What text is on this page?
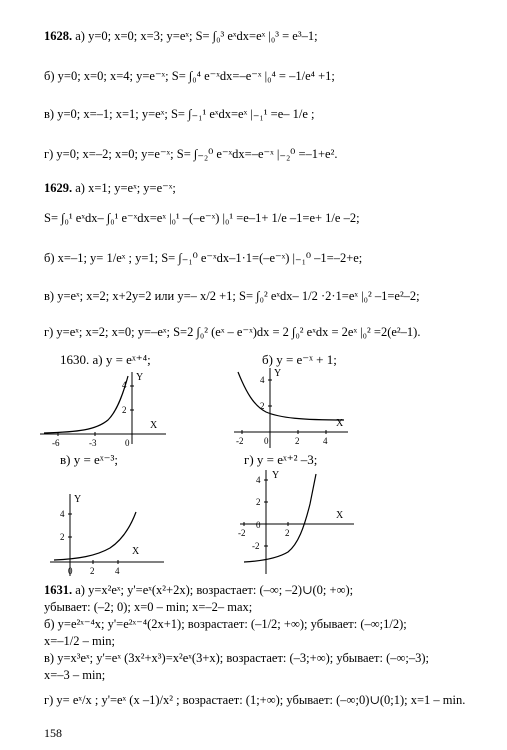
1628. а) y=0; x=0; x=3; y=eˣ; S= ∫₀³ eˣdx=eˣ |₀³ = e³–1;
б) y=0; x=0; x=4; y=e⁻ˣ; S= ∫₀⁴ e⁻ˣdx=–e⁻ˣ |₀⁴ = –1/e⁴ +1;
в) y=0; x=–1; x=1; y=eˣ; S= ∫₋₁¹ eˣdx=eˣ |₋₁¹ =e– 1/e ;
г) y=0; x=–2; x=0; y=e⁻ˣ; S= ∫₋₂⁰ e⁻ˣdx=–e⁻ˣ |₋₂⁰ =–1+e².
1629. а) x=1; y=eˣ; y=e⁻ˣ;
S= ∫₀¹ eˣdx– ∫₀¹ e⁻ˣdx=eˣ |₀¹ –(–e⁻ˣ) |₀¹ =e–1+ 1/e –1=e+ 1/e –2;
б) x=–1; y= 1/eˣ ; y=1; S= ∫₋₁⁰ e⁻ˣdx–1·1=(–e⁻ˣ) |₋₁⁰ –1=–2+e;
в) y=eˣ; x=2; x+2y=2 или y=– x/2 +1; S= ∫₀² eˣdx– 1/2 ·2·1=eˣ |₀² –1=e²–2;
г) y=eˣ; x=2; x=0; y=–eˣ; S=2 ∫₀² (eˣ – e⁻ˣ)dx = 2 ∫₀² eˣdx = 2eˣ |₀² =2(e²–1).
1630. а) y = eˣ⁺⁴;	б) y = e⁻ˣ + 1;
в) y = eˣ⁻³;	г) y = eˣ⁺² –3;
-6	-3	0
4
2
X
Y
-2 0	2	4
4
2
X
Y
0 2 4
4
2
X
Y
-2	2
4
2
0
-2
X
Y
1631. а) y=x²eˣ; y'=eˣ(x²+2x); возрастает: (–∞; –2)∪(0; +∞);
убывает: (–2; 0); x=0 – min; x=–2– max;
б) y=e²ˣ⁻⁴x; y'=e²ˣ⁻⁴(2x+1); возрастает: (–1/2; +∞); убывает: (–∞;1/2);
x=–1/2 – min;
в) y=x³eˣ; y'=eˣ (3x²+x³)=x²eˣ(3+x); возрастает: (–3;+∞); убывает: (–∞;–3);
x=–3 – min;
г) y= eˣ/x ; y'=eˣ (x –1)/x² ; возрастает: (1;+∞); убывает: (–∞;0)∪(0;1); x=1 – min.
158
